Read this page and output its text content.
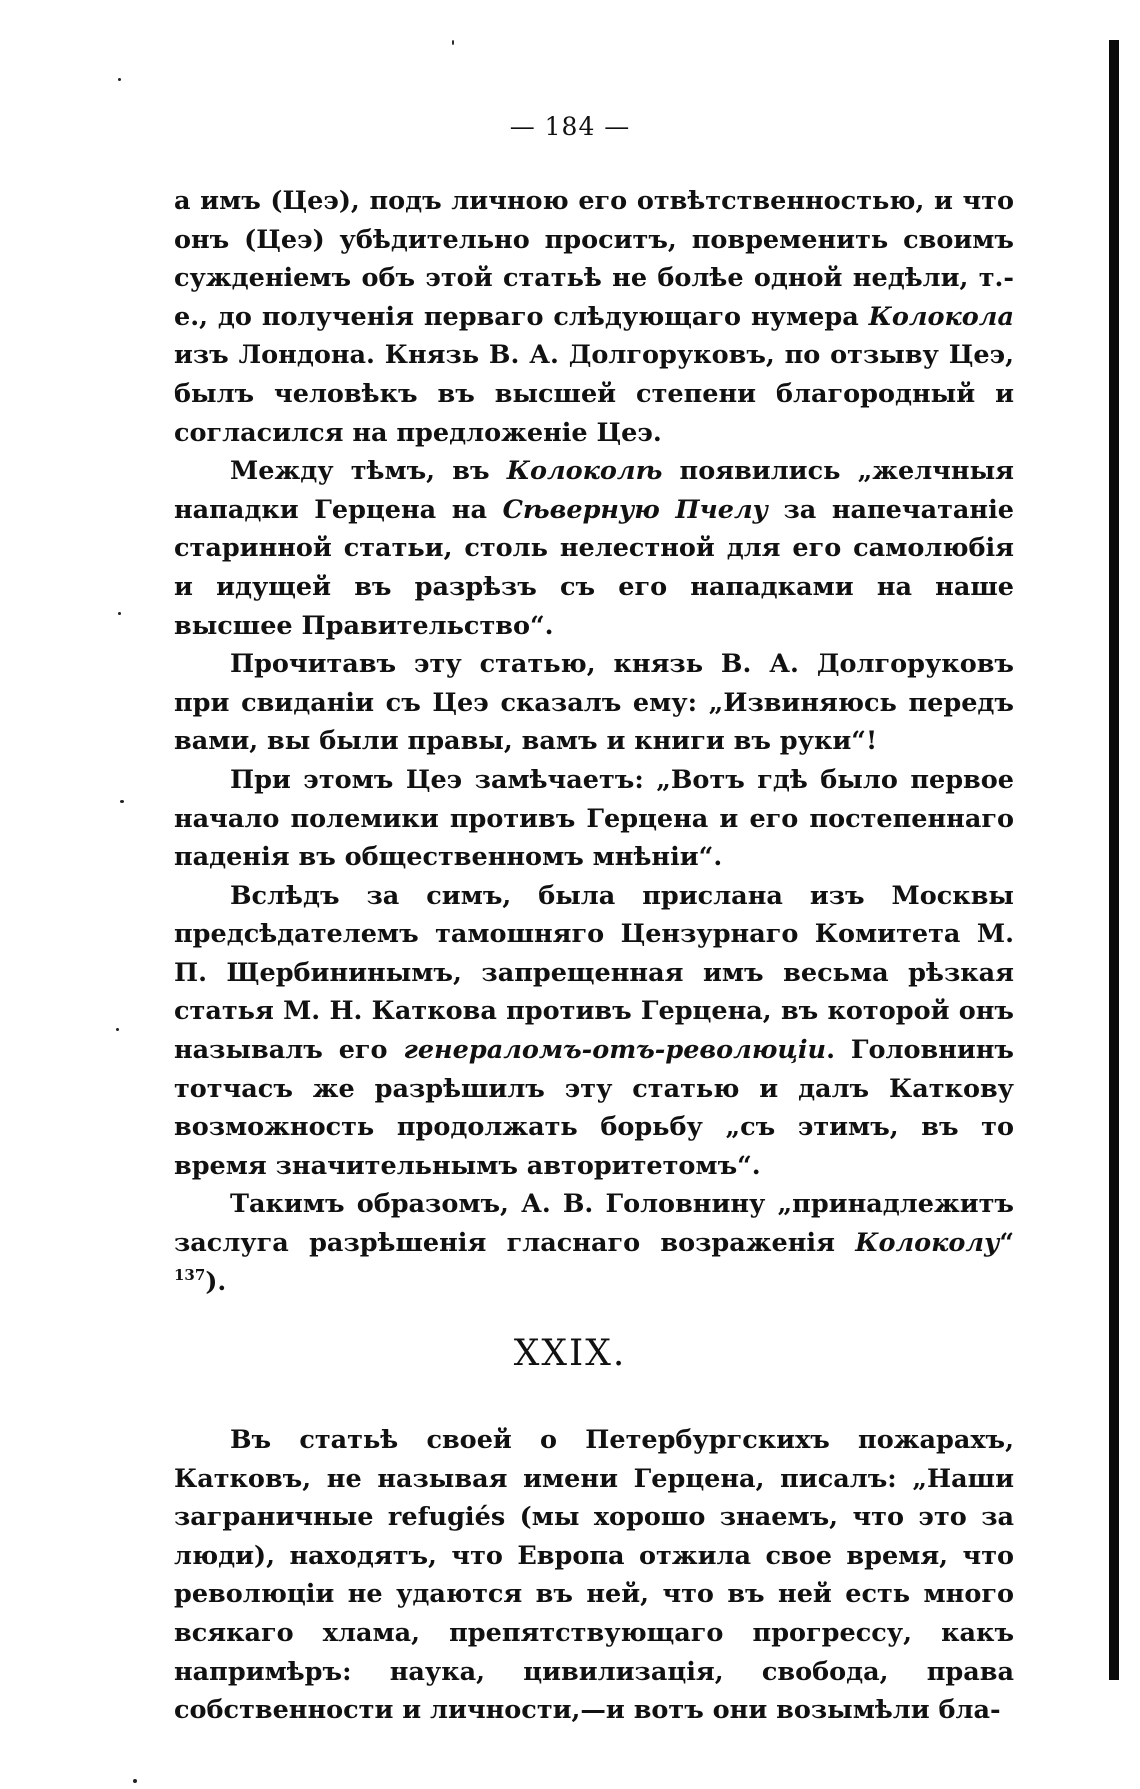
— 184 —

а имъ (Цеэ), подъ личною его отвѣтственностью, и что онъ (Цеэ) убѣдительно проситъ, повременить своимъ сужденіемъ объ этой статьѣ не болѣе одной недѣли, т.-е., до полученія перваго слѣдующаго нумера Колокола изъ Лондона. Князь В. А. Долгоруковъ, по отзыву Цеэ, былъ человѣкъ въ высшей степени благородный и согласился на предложеніе Цеэ.

Между тѣмъ, въ Колоколѣ появились „желчныя нападки Герцена на Сѣверную Пчелу за напечатаніе старинной статьи, столь нелестной для его самолюбія и идущей въ разрѣзъ съ его нападками на наше высшее Правительство“.

Прочитавъ эту статью, князь В. А. Долгоруковъ при свиданіи съ Цеэ сказалъ ему: „Извиняюсь передъ вами, вы были правы, вамъ и книги въ руки“!

При этомъ Цеэ замѣчаетъ: „Вотъ гдѣ было первое начало полемики противъ Герцена и его постепеннаго паденія въ общественномъ мнѣніи“.

Вслѣдъ за симъ, была прислана изъ Москвы предсѣдателемъ тамошняго Цензурнаго Комитета М. П. Щербининымъ, запрещенная имъ весьма рѣзкая статья М. Н. Каткова противъ Герцена, въ которой онъ называлъ его генераломъ-отъ-революціи. Головнинъ тотчасъ же разрѣшилъ эту статью и далъ Каткову возможность продолжать борьбу „съ этимъ, въ то время значительнымъ авторитетомъ“.

Такимъ образомъ, А. В. Головнину „принадлежитъ заслуга разрѣшенія гласнаго возраженія Колоколу“ $^{137}$).

XXIX.

Въ статьѣ своей о Петербургскихъ пожарахъ, Катковъ, не называя имени Герцена, писалъ: „Наши заграничные refugiés (мы хорошо знаемъ, что это за люди), находятъ, что Европа отжила свое время, что революціи не удаются въ ней, что въ ней есть много всякаго хлама, препятствующаго прогрессу, какъ напримѣръ: наука, цивилизація, свобода, права собственности и личности,—и вотъ они возымѣли бла-
